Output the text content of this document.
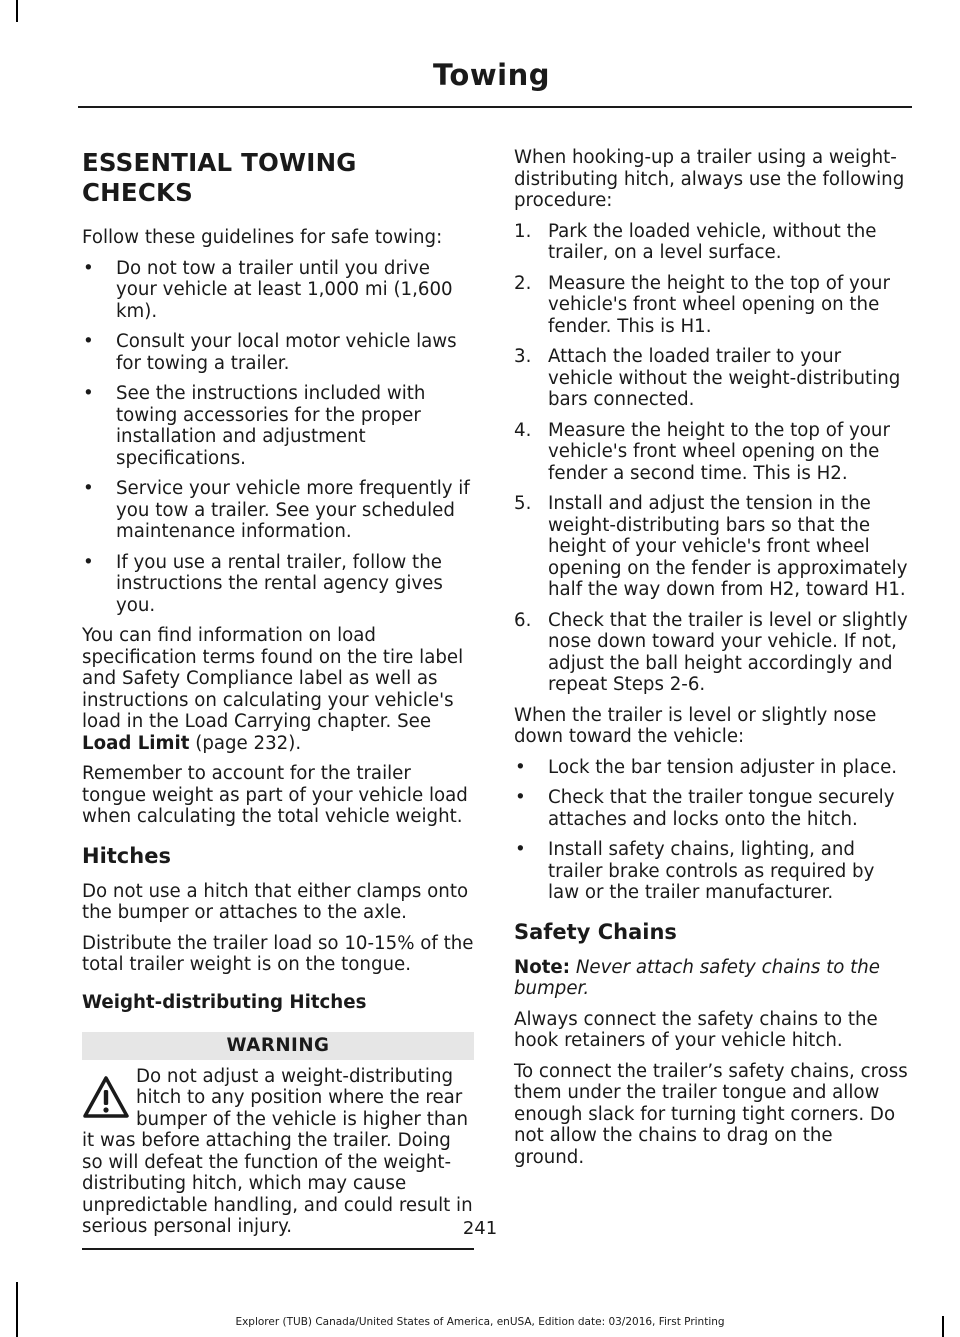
Towing
ESSENTIAL TOWING CHECKS

Follow these guidelines for safe towing:

• Do not tow a trailer until you drive your vehicle at least 1,000 mi (1,600 km).
• Consult your local motor vehicle laws for towing a trailer.
• See the instructions included with towing accessories for the proper installation and adjustment specifications.
• Service your vehicle more frequently if you tow a trailer. See your scheduled maintenance information.
• If you use a rental trailer, follow the instructions the rental agency gives you.

You can find information on load specification terms found on the tire label and Safety Compliance label as well as instructions on calculating your vehicle's load in the Load Carrying chapter. See
Load Limit (page 232).

Remember to account for the trailer tongue weight as part of your vehicle load when calculating the total vehicle weight.

Hitches

Do not use a hitch that either clamps onto the bumper or attaches to the axle.

Distribute the trailer load so 10-15% of the total trailer weight is on the tongue.

Weight-distributing Hitches
WARNING
Do not adjust a weight-distributing hitch to any position where the rear bumper of the vehicle is higher than it was before attaching the trailer. Doing so will defeat the function of the weight-distributing hitch, which may cause unpredictable handling, and could result in serious personal injury.

When hooking-up a trailer using a weight-distributing hitch, always use the following procedure:

1. Park the loaded vehicle, without the trailer, on a level surface.
2. Measure the height to the top of your vehicle's front wheel opening on the fender. This is H1.
3. Attach the loaded trailer to your vehicle without the weight-distributing bars connected.
4. Measure the height to the top of your vehicle's front wheel opening on the fender a second time. This is H2.
5. Install and adjust the tension in the weight-distributing bars so that the height of your vehicle's front wheel opening on the fender is approximately half the way down from H2, toward H1.
6. Check that the trailer is level or slightly nose down toward your vehicle. If not, adjust the ball height accordingly and repeat Steps 2-6.

When the trailer is level or slightly nose down toward the vehicle:

• Lock the bar tension adjuster in place.
• Check that the trailer tongue securely attaches and locks onto the hitch.
• Install safety chains, lighting, and trailer brake controls as required by law or the trailer manufacturer.
Safety Chains

Note: Never attach safety chains to the bumper.

Always connect the safety chains to the hook retainers of your vehicle hitch.

To connect the trailer’s safety chains, cross them under the trailer tongue and allow enough slack for turning tight corners. Do not allow the chains to drag on the ground.

241
Explorer (TUB) Canada/United States of America, enUSA, Edition date: 03/2016, First Printing
